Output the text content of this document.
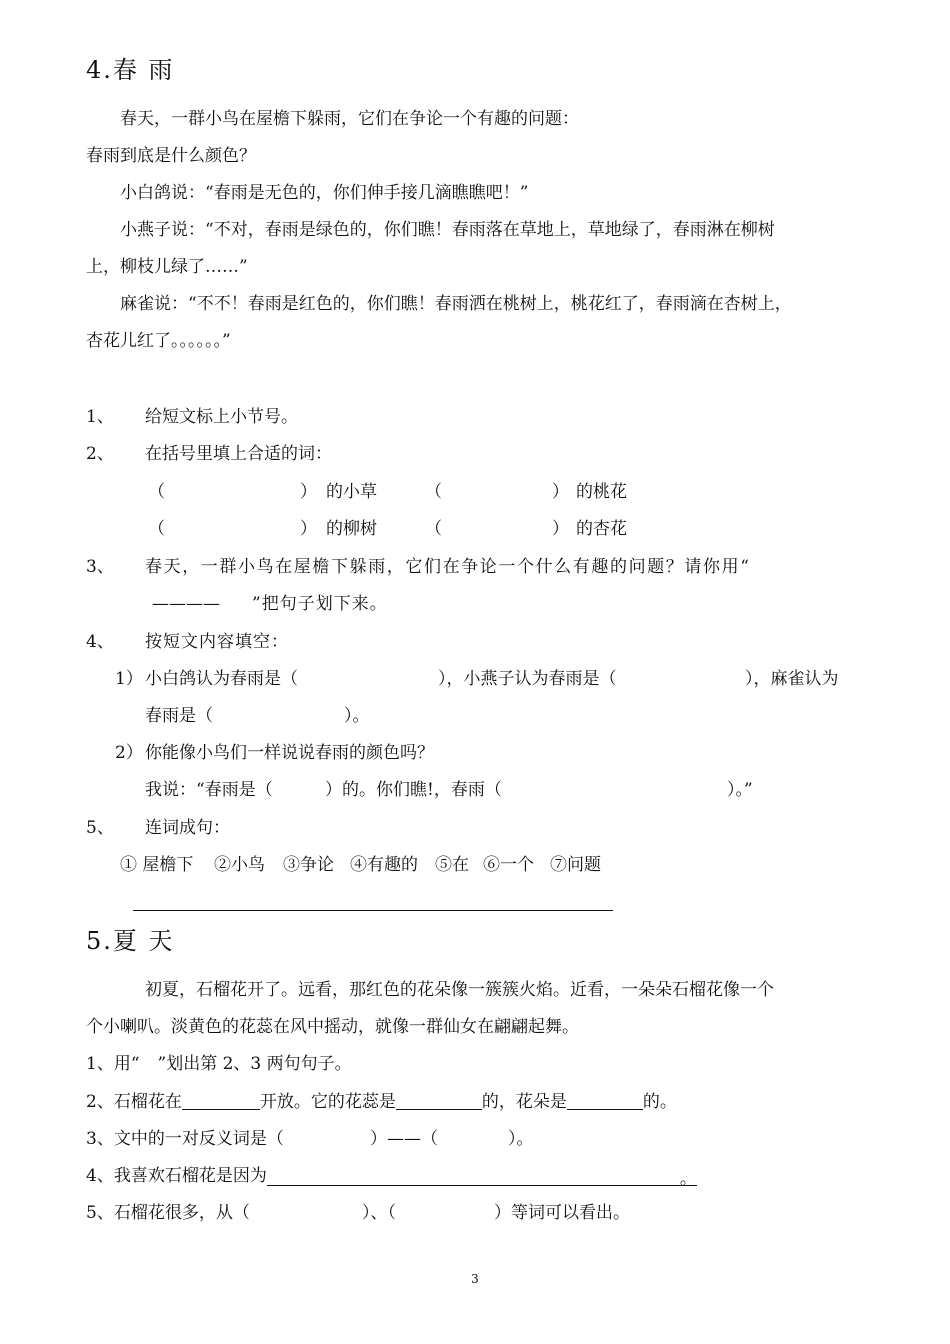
4.春 雨
春天，一群小鸟在屋檐下躲雨，它们在争论一个有趣的问题：
春雨到底是什么颜色？
小白鸽说：“春雨是无色的，你们伸手接几滴瞧瞧吧！”
小燕子说：“不对，春雨是绿色的，你们瞧！春雨落在草地上，草地绿了，春雨淋在柳树
上，柳枝儿绿了……”
麻雀说：“不不！春雨是红色的，你们瞧！春雨洒在桃树上，桃花红了，春雨滴在杏树上，
杏花儿红了。。。。。。”
1、 给短文标上小节号。
2、 在括号里填上合适的词：
（	） 的小草	（	） 的桃花
（	） 的柳树	（	） 的杏花
3、 春天，一群小鸟在屋檐下躲雨，它们在争论一个什么有趣的问题？请你用“
———— ”把句子划下来。
4、 按短文内容填空：
1） 小白鸽认为春雨是（	），小燕子认为春雨是（	），麻雀认为
春雨是（	）。
2） 你能像小鸟们一样说说春雨的颜色吗？
我说：“春雨是（	）的。你们瞧!，春雨（	）。”
5、 连词成句：
① 屋檐下 ②小鸟 ③争论 ④有趣的 ⑤在 ⑥一个 ⑦问题
5.夏 天
初夏，石榴花开了。远看，那红色的花朵像一簇簇火焰。近看，一朵朵石榴花像一个
个小喇叭。淡黄色的花蕊在风中摇动，就像一群仙女在翩翩起舞。
1、用“ ”划出第 2、3 两句句子。
2、石榴花在	开放。它的花蕊是	的，花朵是	的。
3、文中的一对反义词是（	）——（	）。
4、我喜欢石榴花是因为	。
5、石榴花很多，从（	）、（	）等词可以看出。
3
